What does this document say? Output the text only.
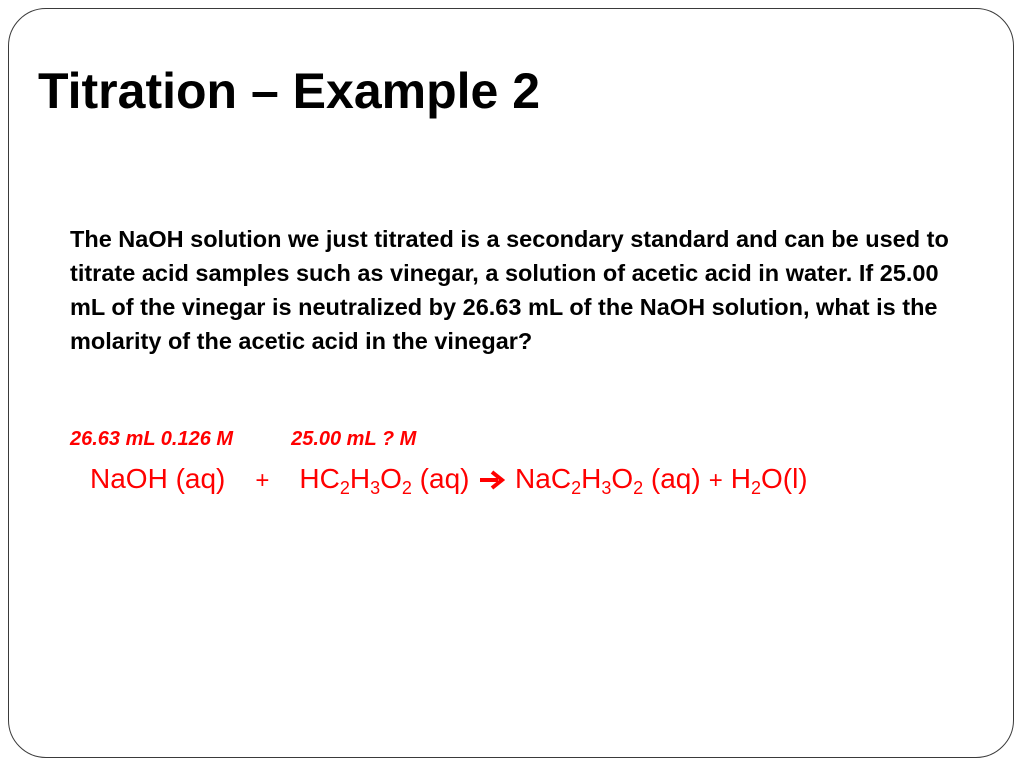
Titration – Example 2

The NaOH solution we just titrated is a secondary standard and can be used to titrate acid samples such as vinegar, a solution of acetic acid in water. If 25.00 mL of the vinegar is neutralized by 26.63 mL of the NaOH solution, what is the molarity of the acetic acid in the vinegar?

26.63 mL 0.126 M	25.00 mL ? M
NaOH $(aq) + HC_2H_3O_2$ (aq) $NaC_2H_3O_2$ $(aq) + H_2O(l)$
